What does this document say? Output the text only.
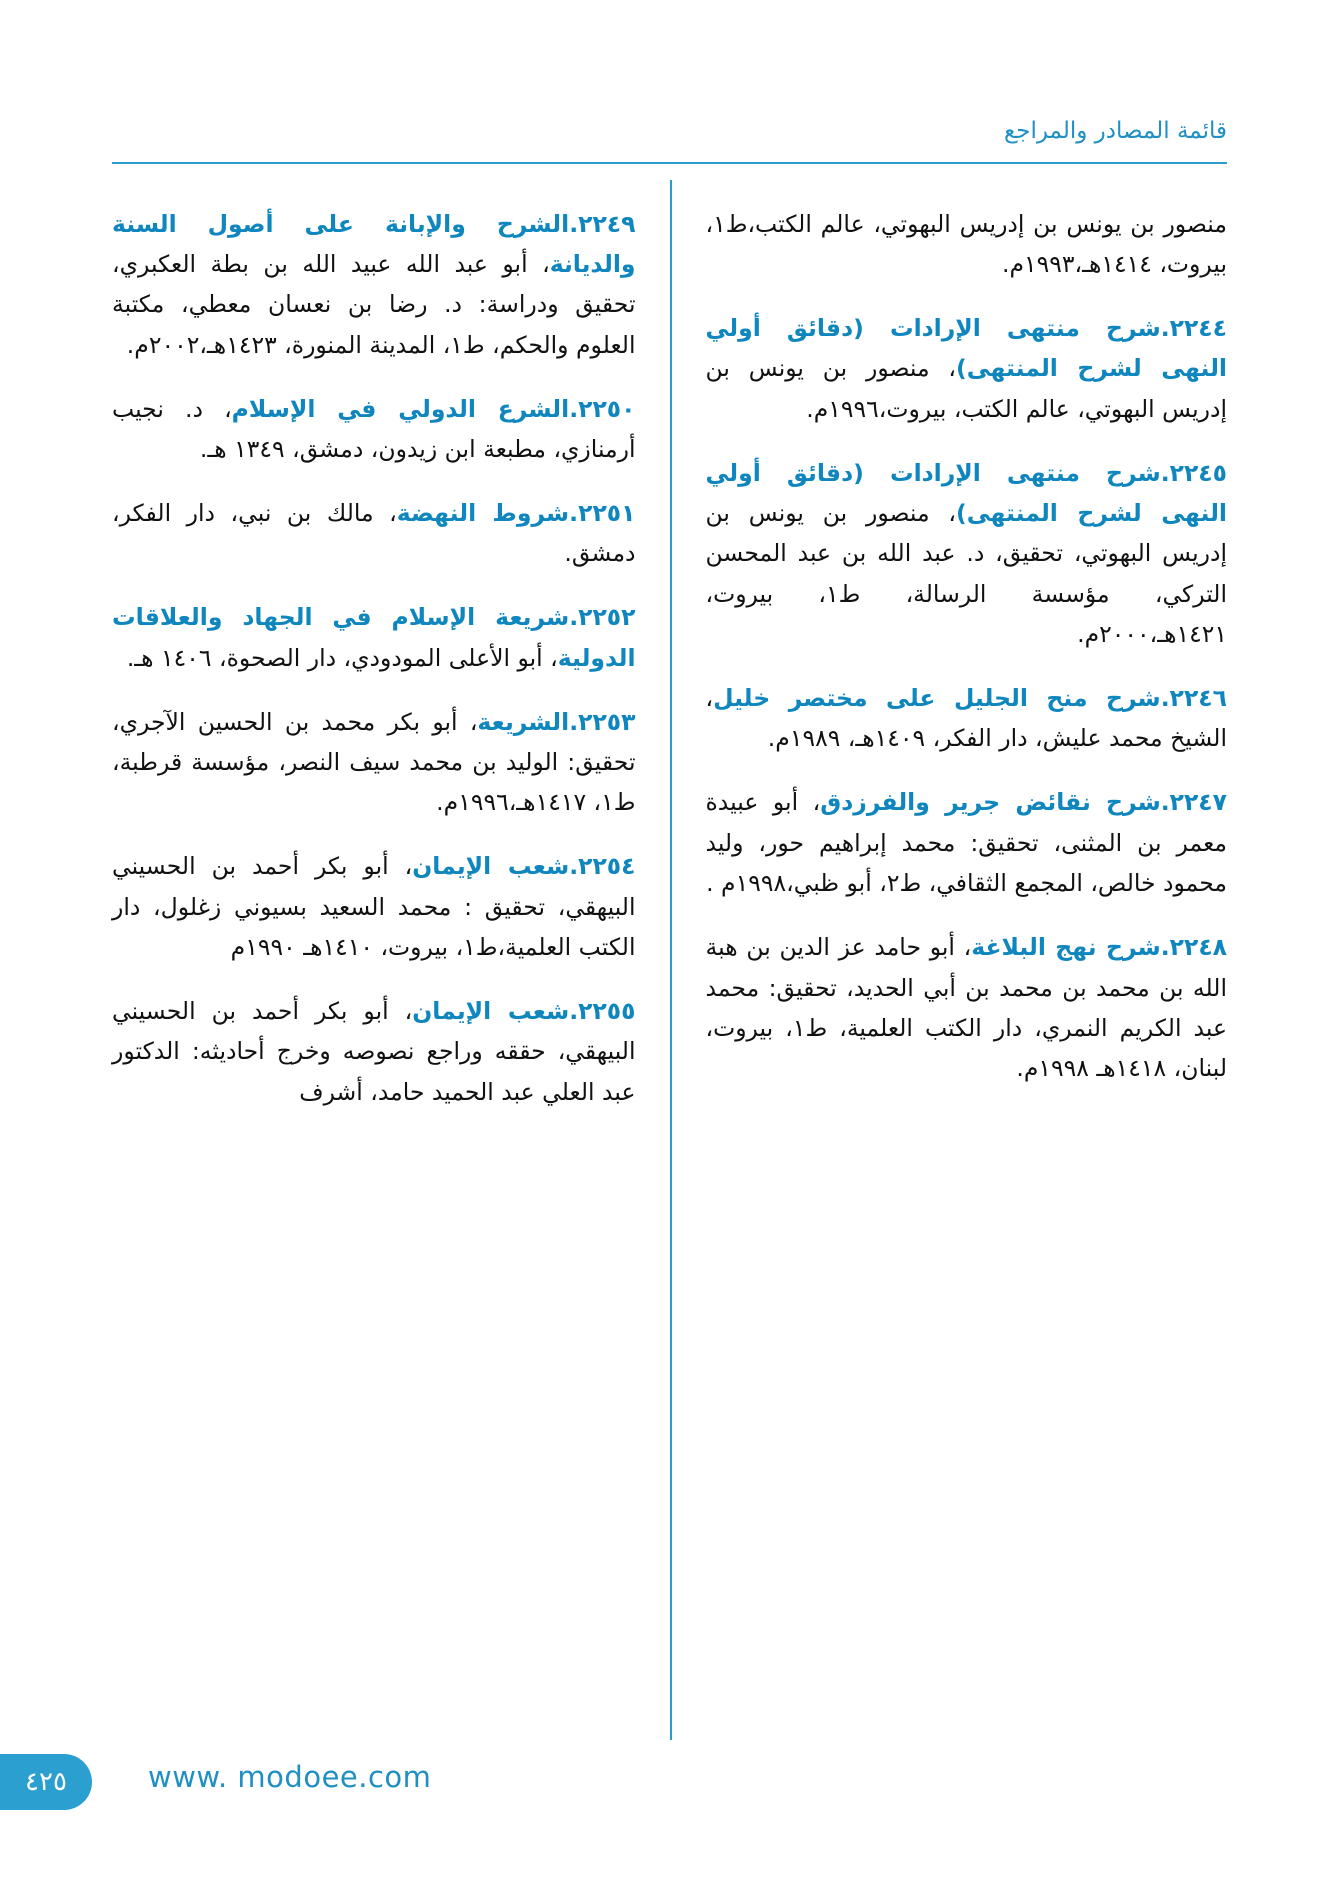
قائمة المصادر والمراجع

منصور بن يونس بن إدريس البهوتي، عالم الكتب،ط١، بيروت، ١٤١٤هـ،١٩٩٣م.

٢٢٤٤.شرح منتهى الإرادات (دقائق أولي النهى لشرح المنتهى)، منصور بن يونس بن إدريس البهوتي، عالم الكتب، بيروت،١٩٩٦م.

٢٢٤٥.شرح منتهى الإرادات (دقائق أولي النهى لشرح المنتهى)، منصور بن يونس بن إدريس البهوتي، تحقيق، د. عبد الله بن عبد المحسن التركي، مؤسسة الرسالة، ط١، بيروت، ١٤٢١هـ،٢٠٠٠م.

٢٢٤٦.شرح منح الجليل على مختصر خليل، الشيخ محمد عليش، دار الفكر، ١٤٠٩هـ، ١٩٨٩م.

٢٢٤٧.شرح نقائض جرير والفرزدق، أبو عبيدة معمر بن المثنى، تحقيق: محمد إبراهيم حور، وليد محمود خالص، المجمع الثقافي، ط٢، أبو ظبي،١٩٩٨م .

٢٢٤٨.شرح نهج البلاغة، أبو حامد عز الدين بن هبة الله بن محمد بن محمد بن أبي الحديد، تحقيق: محمد عبد الكريم النمري، دار الكتب العلمية، ط١، بيروت، لبنان، ١٤١٨هـ ١٩٩٨م.

٢٢٤٩.الشرح والإبانة على أصول السنة والديانة، أبو عبد الله عبيد الله بن بطة العكبري، تحقيق ودراسة: د. رضا بن نعسان معطي، مكتبة العلوم والحكم، ط١، المدينة المنورة، ١٤٢٣هـ،٢٠٠٢م.

٢٢٥٠.الشرع الدولي في الإسلام، د. نجيب أرمنازي، مطبعة ابن زيدون، دمشق، ١٣٤٩ هـ.

٢٢٥١.شروط النهضة، مالك بن نبي، دار الفكر، دمشق.

٢٢٥٢.شريعة الإسلام في الجهاد والعلاقات الدولية، أبو الأعلى المودودي، دار الصحوة، ١٤٠٦ هـ.

٢٢٥٣.الشريعة، أبو بكر محمد بن الحسين الآجري، تحقيق: الوليد بن محمد سيف النصر، مؤسسة قرطبة، ط١، ١٤١٧هـ،١٩٩٦م.

٢٢٥٤.شعب الإيمان، أبو بكر أحمد بن الحسيني البيهقي، تحقيق : محمد السعيد بسيوني زغلول، دار الكتب العلمية،ط١، بيروت، ١٤١٠هـ ١٩٩٠م

٢٢٥٥.شعب الإيمان، أبو بكر أحمد بن الحسيني البيهقي، حققه وراجع نصوصه وخرج أحاديثه: الدكتور عبد العلي عبد الحميد حامد، أشرف

٤٢٥	www. modoee.com
